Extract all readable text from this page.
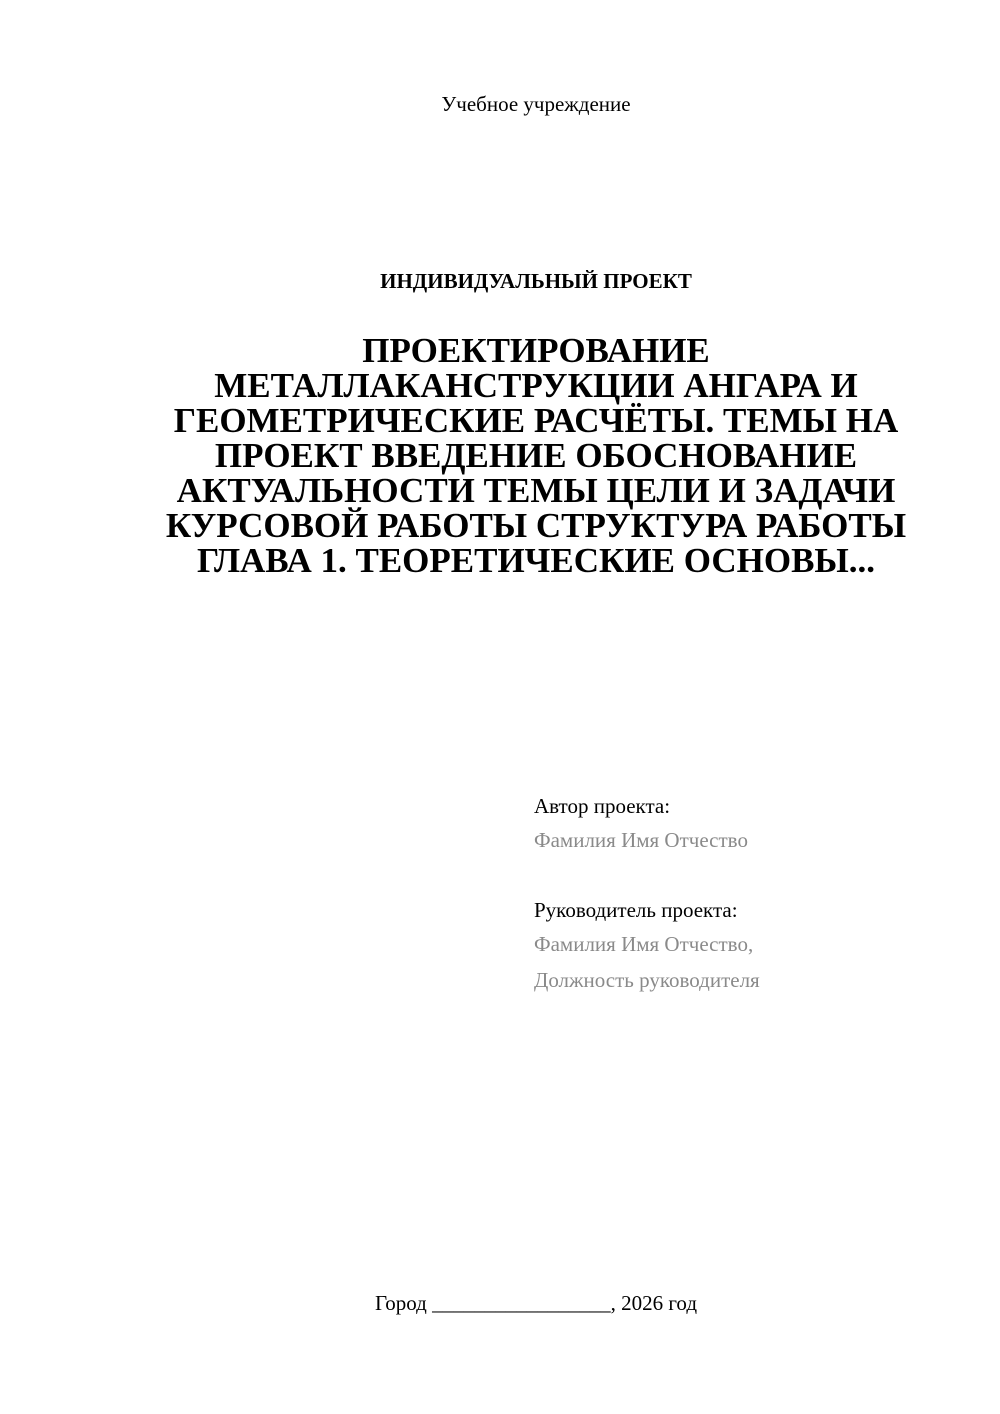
Учебное учреждение
ИНДИВИДУАЛЬНЫЙ ПРОЕКТ
ПРОЕКТИРОВАНИЕ МЕТАЛЛАКАНСТРУКЦИИ АНГАРА И ГЕОМЕТРИЧЕСКИЕ РАСЧЁТЫ. ТЕМЫ НА ПРОЕКТ ВВЕДЕНИЕ ОБОСНОВАНИЕ АКТУАЛЬНОСТИ ТЕМЫ ЦЕЛИ И ЗАДАЧИ КУРСОВОЙ РАБОТЫ СТРУКТУРА РАБОТЫ ГЛАВА 1. ТЕОРЕТИЧЕСКИЕ ОСНОВЫ...
Автор проекта:
Фамилия Имя Отчество
Руководитель проекта:
Фамилия Имя Отчество,
Должность руководителя
Город _________________, 2026 год
